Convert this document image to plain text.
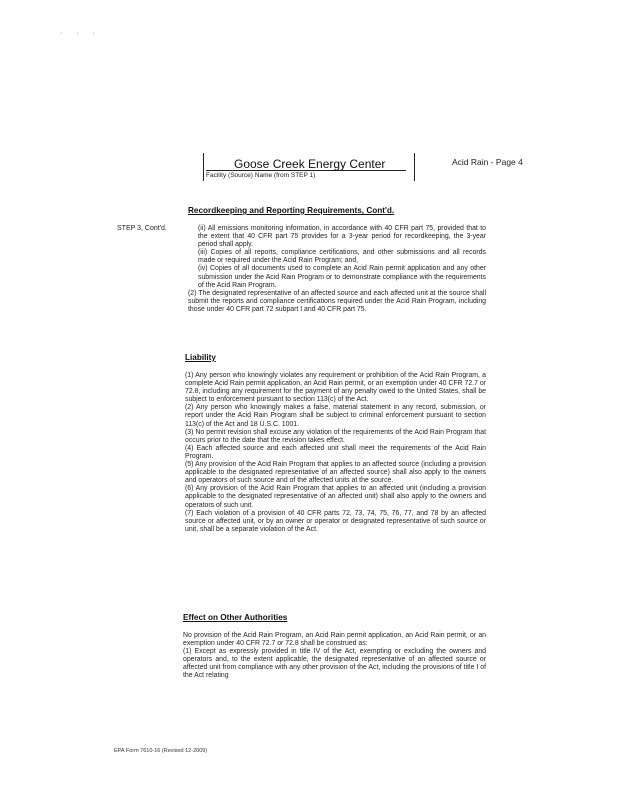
· · ·
Goose Creek Energy Center
Facility (Source) Name (from STEP 1)
Acid Rain - Page 4
Recordkeeping and Reporting Requirements, Cont'd.
STEP 3, Cont'd.	(ii) All emissions monitoring information, in accordance with 40 CFR part 75, provided that to the extent that 40 CFR part 75 provides for a 3-year period for recordkeeping, the 3-year period shall apply.

(iii) Copies of all reports, compliance certifications, and other submissions and all records made or required under the Acid Rain Program; and,

(iv) Copies of all documents used to complete an Acid Rain permit application and any other submission under the Acid Rain Program or to demonstrate compliance with the requirements of the Acid Rain Program.

(2) The designated representative of an affected source and each affected unit at the source shall submit the reports and compliance certifications required under the Acid Rain Program, including those under 40 CFR part 72 subpart I and 40 CFR part 75.

Liability

(1) Any person who knowingly violates any requirement or prohibition of the Acid Rain Program, a complete Acid Rain permit application, an Acid Rain permit, or an exemption under 40 CFR 72.7 or 72.8, including any requirement for the payment of any penalty owed to the United States, shall be subject to enforcement pursuant to section 113(c) of the Act.

(2) Any person who knowingly makes a false, material statement in any record, submission, or report under the Acid Rain Program shall be subject to criminal enforcement pursuant to section 113(c) of the Act and 18 U.S.C. 1001.

(3) No permit revision shall excuse any violation of the requirements of the Acid Rain Program that occurs prior to the date that the revision takes effect.

(4) Each affected source and each affected unit shall meet the requirements of the Acid Rain Program.

(5) Any provision of the Acid Rain Program that applies to an affected source (including a provision applicable to the designated representative of an affected source) shall also apply to the owners and operators of such source and of the affected units at the source.

(6) Any provision of the Acid Rain Program that applies to an affected unit (including a provision applicable to the designated representative of an affected unit) shall also apply to the owners and operators of such unit.

(7) Each violation of a provision of 40 CFR parts 72, 73, 74, 75, 76, 77, and 78 by an affected source or affected unit, or by an owner or operator or designated representative of such source or unit, shall be a separate violation of the Act.

Effect on Other Authorities

No provision of the Acid Rain Program, an Acid Rain permit application, an Acid Rain permit, or an exemption under 40 CFR 72.7 or 72.8 shall be construed as:

(1) Except as expressly provided in title IV of the Act, exempting or excluding the owners and operators and, to the extent applicable, the designated representative of an affected source or affected unit from compliance with any other provision of the Act, including the provisions of title I of the Act relating

EPA Form 7610-16 (Revised 12-2009)
